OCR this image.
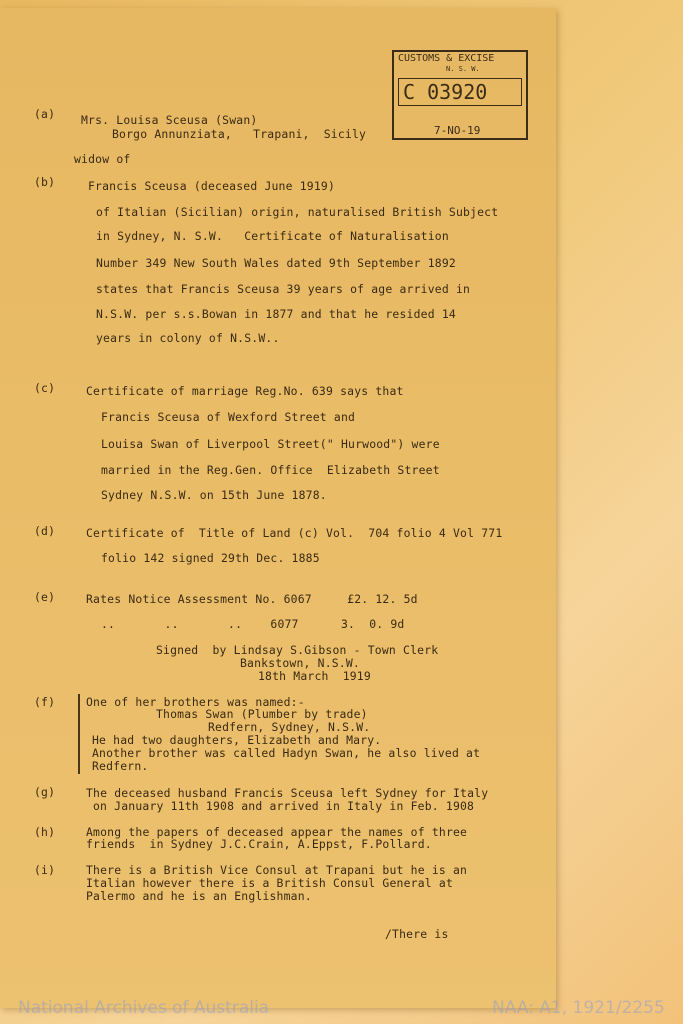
CUSTOMS & EXCISE
N. S. W.
C 03920
7-NO-19
(a) Mrs. Louisa Sceusa (Swan)
Borgo Annunziata,   Trapani,  Sicily
widow of
(b)	Francis Sceusa (deceased June 1919)
of Italian (Sicilian) origin, naturalised British Subject
in Sydney, N. S.W.   Certificate of Naturalisation
Number 349 New South Wales dated 9th September 1892
states that Francis Sceusa 39 years of age arrived in
N.S.W. per s.s.Bowan in 1877 and that he resided 14
years in colony of N.S.W..
(c)	Certificate of marriage Reg.No. 639 says that
Francis Sceusa of Wexford Street and
Louisa Swan of Liverpool Street(" Hurwood") were
married in the Reg.Gen. Office  Elizabeth Street
Sydney N.S.W. on 15th June 1878.
(d)	Certificate of  Title of Land (c) Vol.  704 folio 4 Vol 771
folio 142 signed 29th Dec. 1885
(e)	Rates Notice Assessment No. 6067     £2. 12. 5d
..       ..       ..    6077      3.  0. 9d
Signed  by Lindsay S.Gibson - Town Clerk
Bankstown, N.S.W.
18th March  1919
(f)	One of her brothers was named:-
Thomas Swan (Plumber by trade)
Redfern, Sydney, N.S.W.
He had two daughters, Elizabeth and Mary.
Another brother was called Hadyn Swan, he also lived at
Redfern.
(g)	The deceased husband Francis Sceusa left Sydney for Italy
on January 11th 1908 and arrived in Italy in Feb. 1908
(h)	Among the papers of deceased appear the names of three
friends  in Sydney J.C.Crain, A.Eppst, F.Pollard.
(i)	There is a British Vice Consul at Trapani but he is an
Italian however there is a British Consul General at
Palermo and he is an Englishman.
/There is
National Archives of Australia	NAA: A1, 1921/2255
